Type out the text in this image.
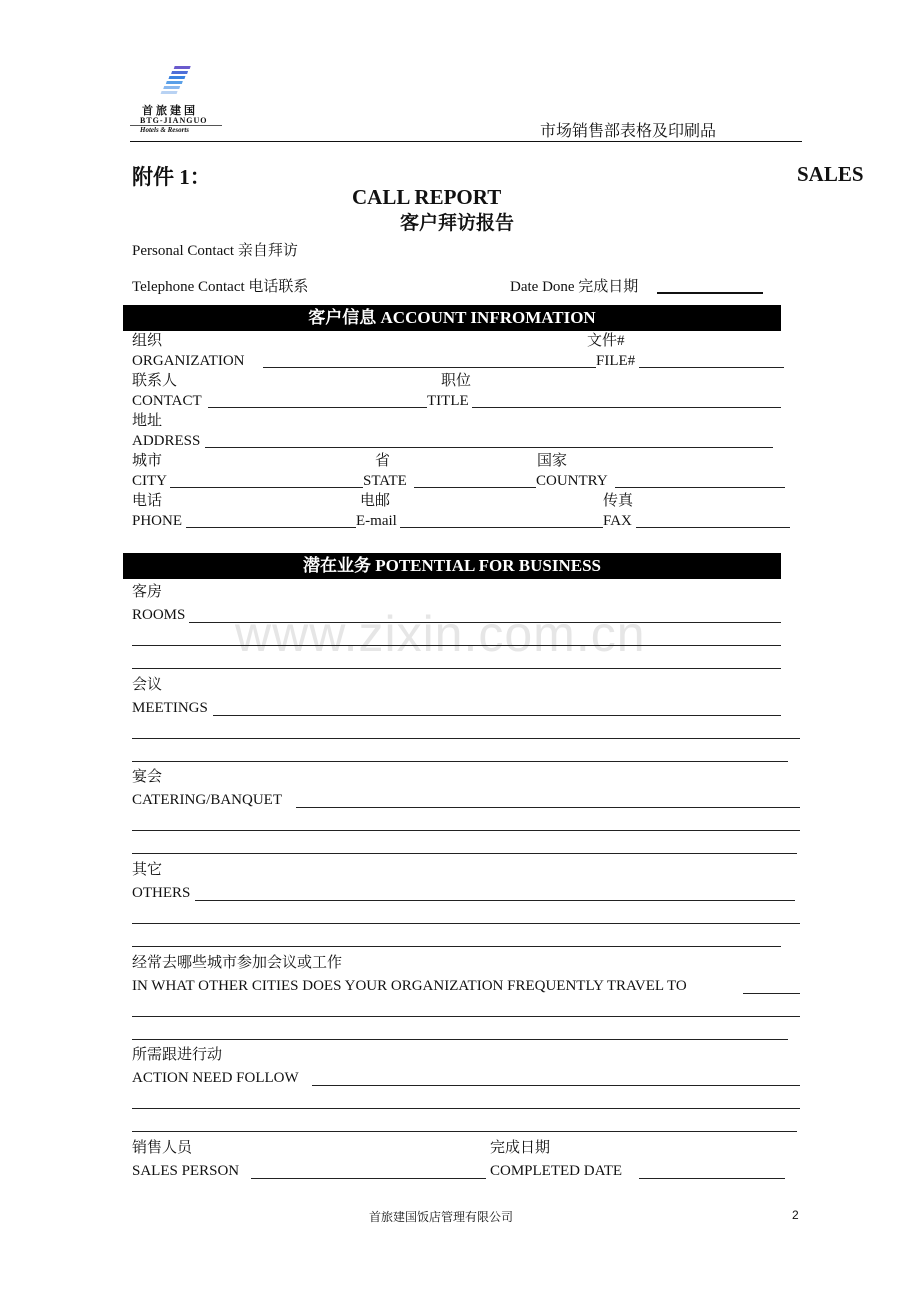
首旅建国
BTG-JIANGUO
Hotels & Resorts	市场销售部表格及印刷品
附件 1：	SALES
CALL REPORT
客户拜访报告
Personal Contact 亲自拜访
Telephone Contact 电话联系	Date Done 完成日期
客户信息 ACCOUNT INFROMATION
组织	文件#
ORGANIZATION	FILE#
联系人	职位
CONTACT	TITLE
地址
ADDRESS
城市	省	国家
CITY	STATE	COUNTRY
电话	电邮	传真
PHONE	E-mail	FAX
潜在业务 POTENTIAL FOR BUSINESS
www.zixin.com.cn
客房
ROOMS
会议
MEETINGS
宴会
CATERING/BANQUET
其它
OTHERS
经常去哪些城市参加会议或工作
IN WHAT OTHER CITIES DOES YOUR ORGANIZATION FREQUENTLY TRAVEL TO
所需跟进行动
ACTION NEED FOLLOW
销售人员	完成日期
SALES PERSON	COMPLETED DATE
首旅建国饭店管理有限公司	2
